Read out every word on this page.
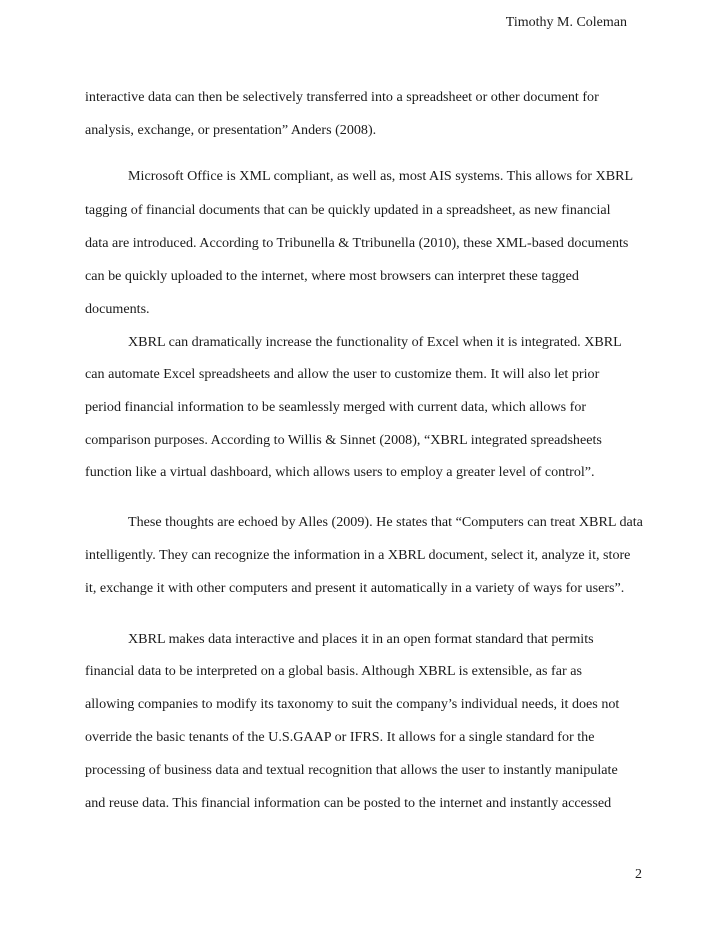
Timothy M. Coleman
interactive data can then be selectively transferred into a spreadsheet or other document for
analysis, exchange, or presentation” Anders (2008).
Microsoft Office is XML compliant, as well as, most AIS systems. This allows for XBRL
tagging of financial documents that can be quickly updated in a spreadsheet, as new financial
data are introduced. According to Tribunella & Ttribunella (2010), these XML-based documents
can be quickly uploaded to the internet, where most browsers can interpret these tagged
documents.
XBRL can dramatically increase the functionality of Excel when it is integrated. XBRL
can automate Excel spreadsheets and allow the user to customize them. It will also let prior
period financial information to be seamlessly merged with current data, which allows for
comparison purposes. According to Willis & Sinnet (2008), “XBRL integrated spreadsheets
function like a virtual dashboard, which allows users to employ a greater level of control”.
These thoughts are echoed by Alles (2009). He states that “Computers can treat XBRL data
intelligently. They can recognize the information in a XBRL document, select it, analyze it, store
it, exchange it with other computers and present it automatically in a variety of ways for users”.
XBRL makes data interactive and places it in an open format standard that permits
financial data to be interpreted on a global basis. Although XBRL is extensible, as far as
allowing companies to modify its taxonomy to suit the company’s individual needs, it does not
override the basic tenants of the U.S.GAAP or IFRS. It allows for a single standard for the
processing of business data and textual recognition that allows the user to instantly manipulate
and reuse data. This financial information can be posted to the internet and instantly accessed
2
